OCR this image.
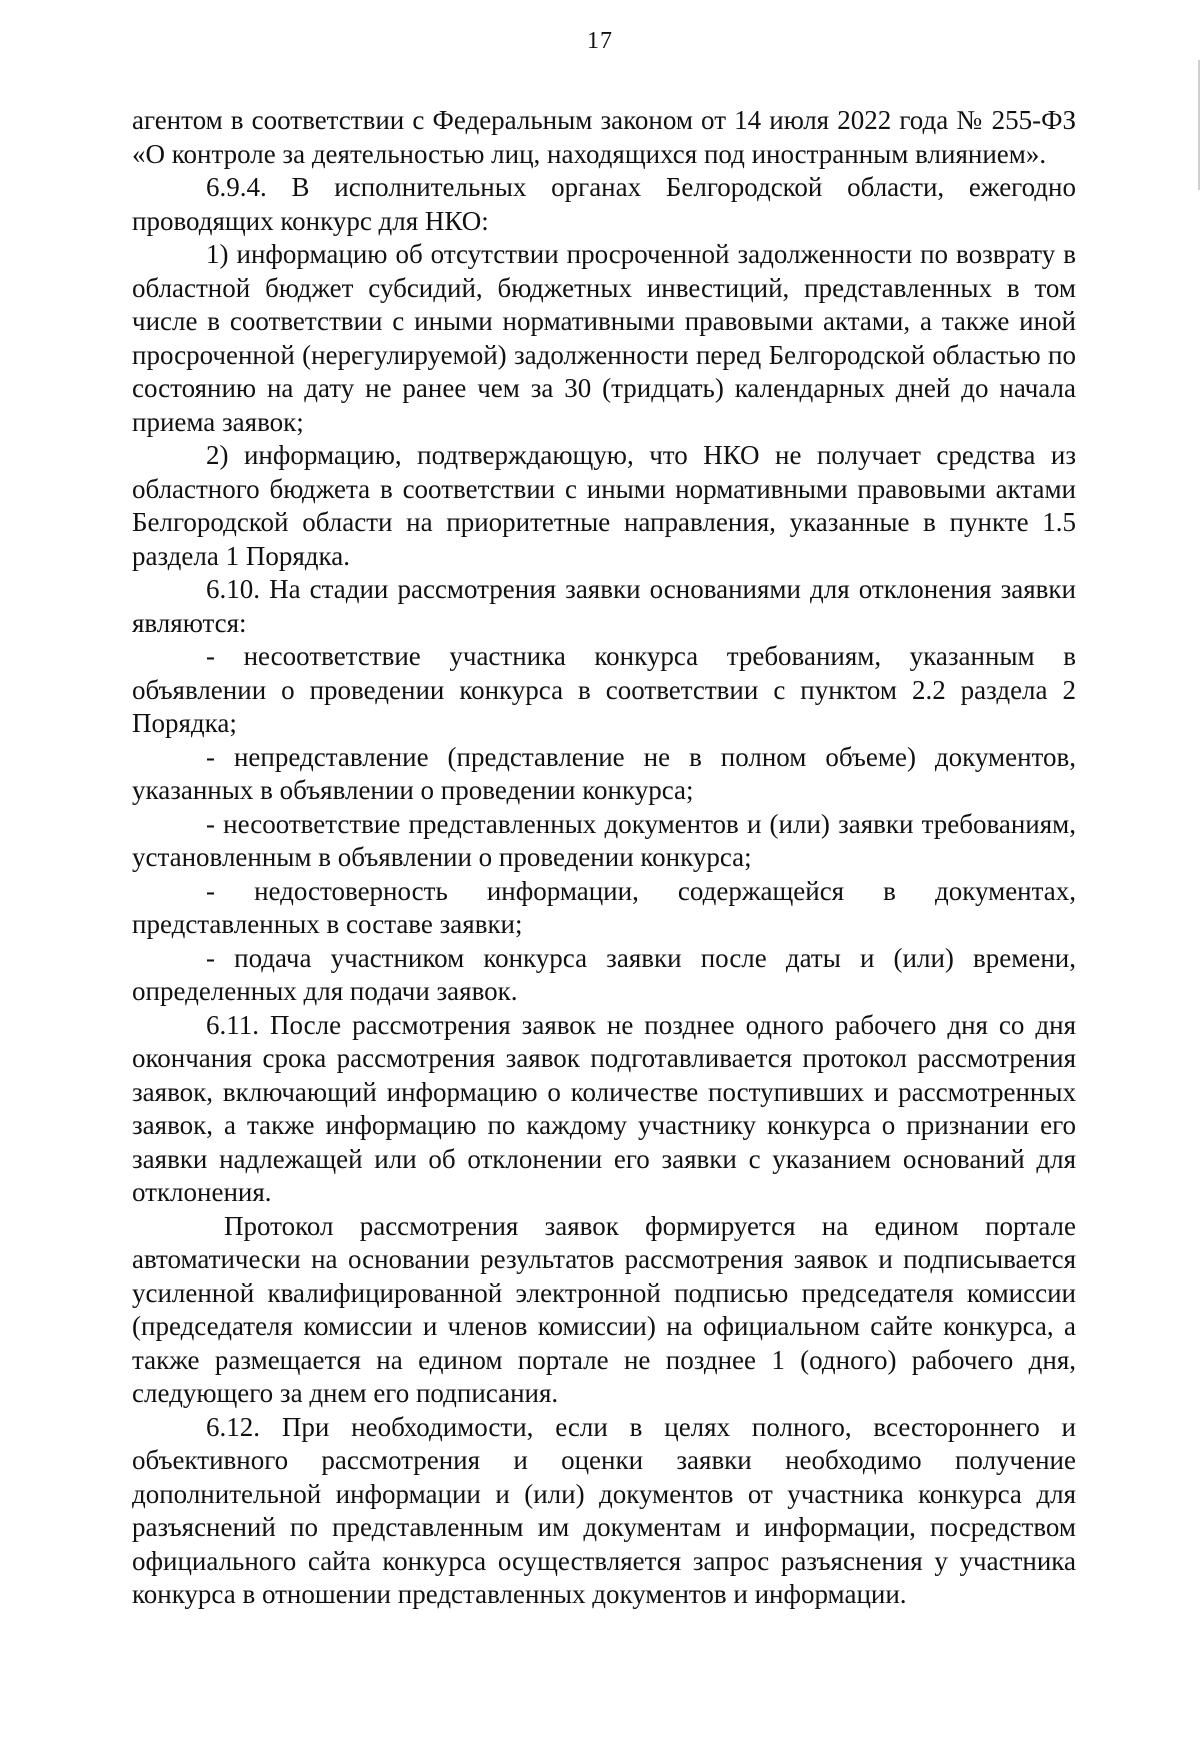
17

агентом в соответствии с Федеральным законом от 14 июля 2022 года № 255-ФЗ «О контроле за деятельностью лиц, находящихся под иностранным влиянием».

6.9.4. В исполнительных органах Белгородской области, ежегодно проводящих конкурс для НКО:

1) информацию об отсутствии просроченной задолженности по возврату в областной бюджет субсидий, бюджетных инвестиций, представленных в том числе в соответствии с иными нормативными правовыми актами, а также иной просроченной (нерегулируемой) задолженности перед Белгородской областью по состоянию на дату не ранее чем за 30 (тридцать) календарных дней до начала приема заявок;

2) информацию, подтверждающую, что НКО не получает средства из областного бюджета в соответствии с иными нормативными правовыми актами Белгородской области на приоритетные направления, указанные в пункте 1.5 раздела 1 Порядка.

6.10. На стадии рассмотрения заявки основаниями для отклонения заявки являются:

- несоответствие участника конкурса требованиям, указанным в объявлении о проведении конкурса в соответствии с пунктом 2.2 раздела 2 Порядка;

- непредставление (представление не в полном объеме) документов, указанных в объявлении о проведении конкурса;

- несоответствие представленных документов и (или) заявки требованиям, установленным в объявлении о проведении конкурса;

- недостоверность информации, содержащейся в документах, представленных в составе заявки;

- подача участником конкурса заявки после даты и (или) времени, определенных для подачи заявок.

6.11. После рассмотрения заявок не позднее одного рабочего дня со дня окончания срока рассмотрения заявок подготавливается протокол рассмотрения заявок, включающий информацию о количестве поступивших и рассмотренных заявок, а также информацию по каждому участнику конкурса о признании его заявки надлежащей или об отклонении его заявки с указанием оснований для отклонения.

Протокол рассмотрения заявок формируется на едином портале автоматически на основании результатов рассмотрения заявок и подписывается усиленной квалифицированной электронной подписью председателя комиссии (председателя комиссии и членов комиссии) на официальном сайте конкурса, а также размещается на едином портале не позднее 1 (одного) рабочего дня, следующего за днем его подписания.

6.12. При необходимости, если в целях полного, всестороннего и объективного рассмотрения и оценки заявки необходимо получение дополнительной информации и (или) документов от участника конкурса для разъяснений по представленным им документам и информации, посредством официального сайта конкурса осуществляется запрос разъяснения у участника конкурса в отношении представленных документов и информации.
